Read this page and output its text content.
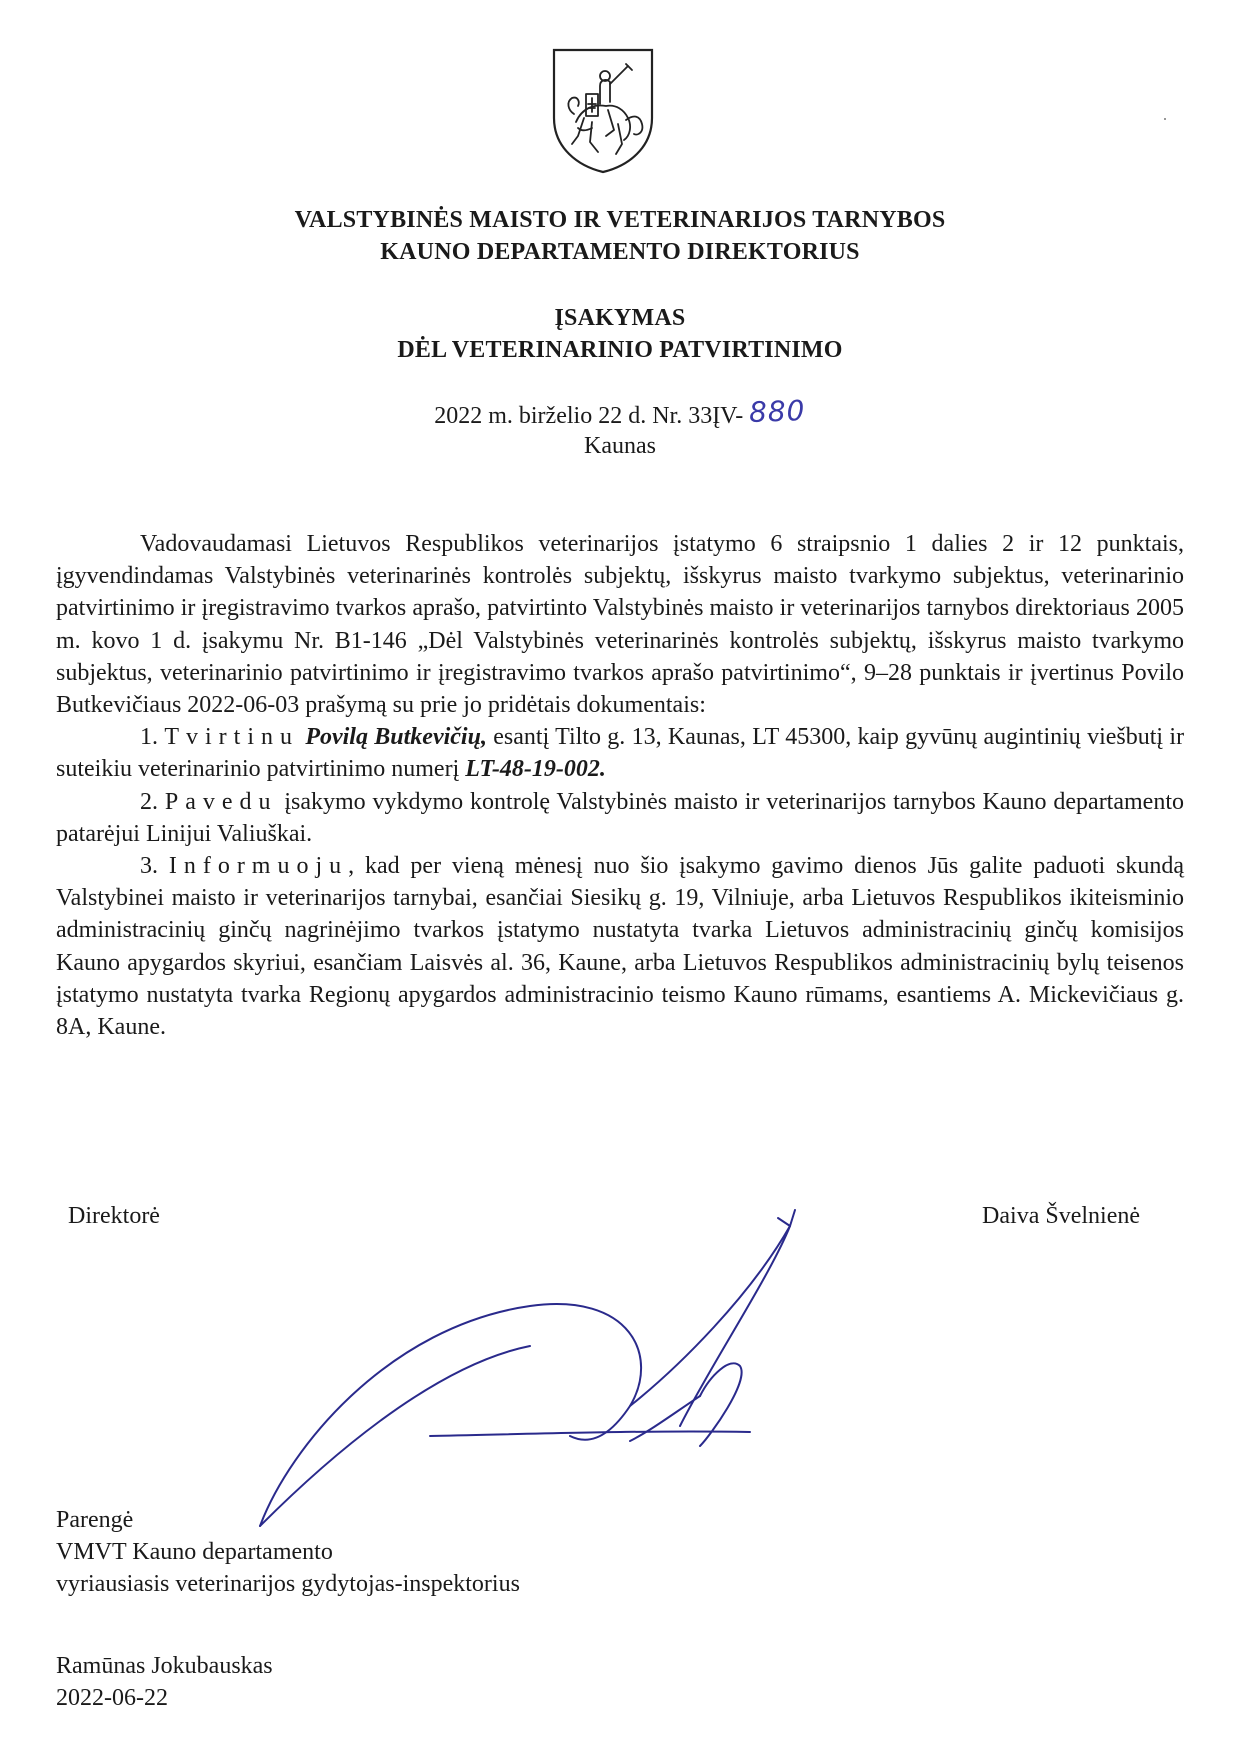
VALSTYBINĖS MAISTO IR VETERINARIJOS TARNYBOS
KAUNO DEPARTAMENTO DIREKTORIUS
ĮSAKYMAS
DĖL VETERINARINIO PATVIRTINIMO
2022 m. birželio 22 d. Nr. 33ĮV- 880
Kaunas

Vadovaudamasi Lietuvos Respublikos veterinarijos įstatymo 6 straipsnio 1 dalies 2 ir 12 punktais, įgyvendindamas Valstybinės veterinarinės kontrolės subjektų, išskyrus maisto tvarkymo subjektus, veterinarinio patvirtinimo ir įregistravimo tvarkos aprašo, patvirtinto Valstybinės maisto ir veterinarijos tarnybos direktoriaus 2005 m. kovo 1 d. įsakymu Nr. B1-146 „Dėl Valstybinės veterinarinės kontrolės subjektų, išskyrus maisto tvarkymo subjektus, veterinarinio patvirtinimo ir įregistravimo tvarkos aprašo patvirtinimo“, 9–28 punktais ir įvertinus Povilo Butkevičiaus 2022-06-03 prašymą su prie jo pridėtais dokumentais:

1. Tvirtinu Povilą Butkevičių, esantį Tilto g. 13, Kaunas, LT 45300, kaip gyvūnų augintinių viešbutį ir suteikiu veterinarinio patvirtinimo numerį LT-48-19-002.

2. Pavedu įsakymo vykdymo kontrolę Valstybinės maisto ir veterinarijos tarnybos Kauno departamento patarėjui Linijui Valiuškai.

3. Informuoju, kad per vieną mėnesį nuo šio įsakymo gavimo dienos Jūs galite paduoti skundą Valstybinei maisto ir veterinarijos tarnybai, esančiai Siesikų g. 19, Vilniuje, arba Lietuvos Respublikos ikiteisminio administracinių ginčų nagrinėjimo tvarkos įstatymo nustatyta tvarka Lietuvos administracinių ginčų komisijos Kauno apygardos skyriui, esančiam Laisvės al. 36, Kaune, arba Lietuvos Respublikos administracinių bylų teisenos įstatymo nustatyta tvarka Regionų apygardos administracinio teismo Kauno rūmams, esantiems A. Mickevičiaus g. 8A, Kaune.

Direktorė	Daiva Švelnienė
Parengė
VMVT Kauno departamento
vyriausiasis veterinarijos gydytojas-inspektorius
Ramūnas Jokubauskas
2022-06-22
